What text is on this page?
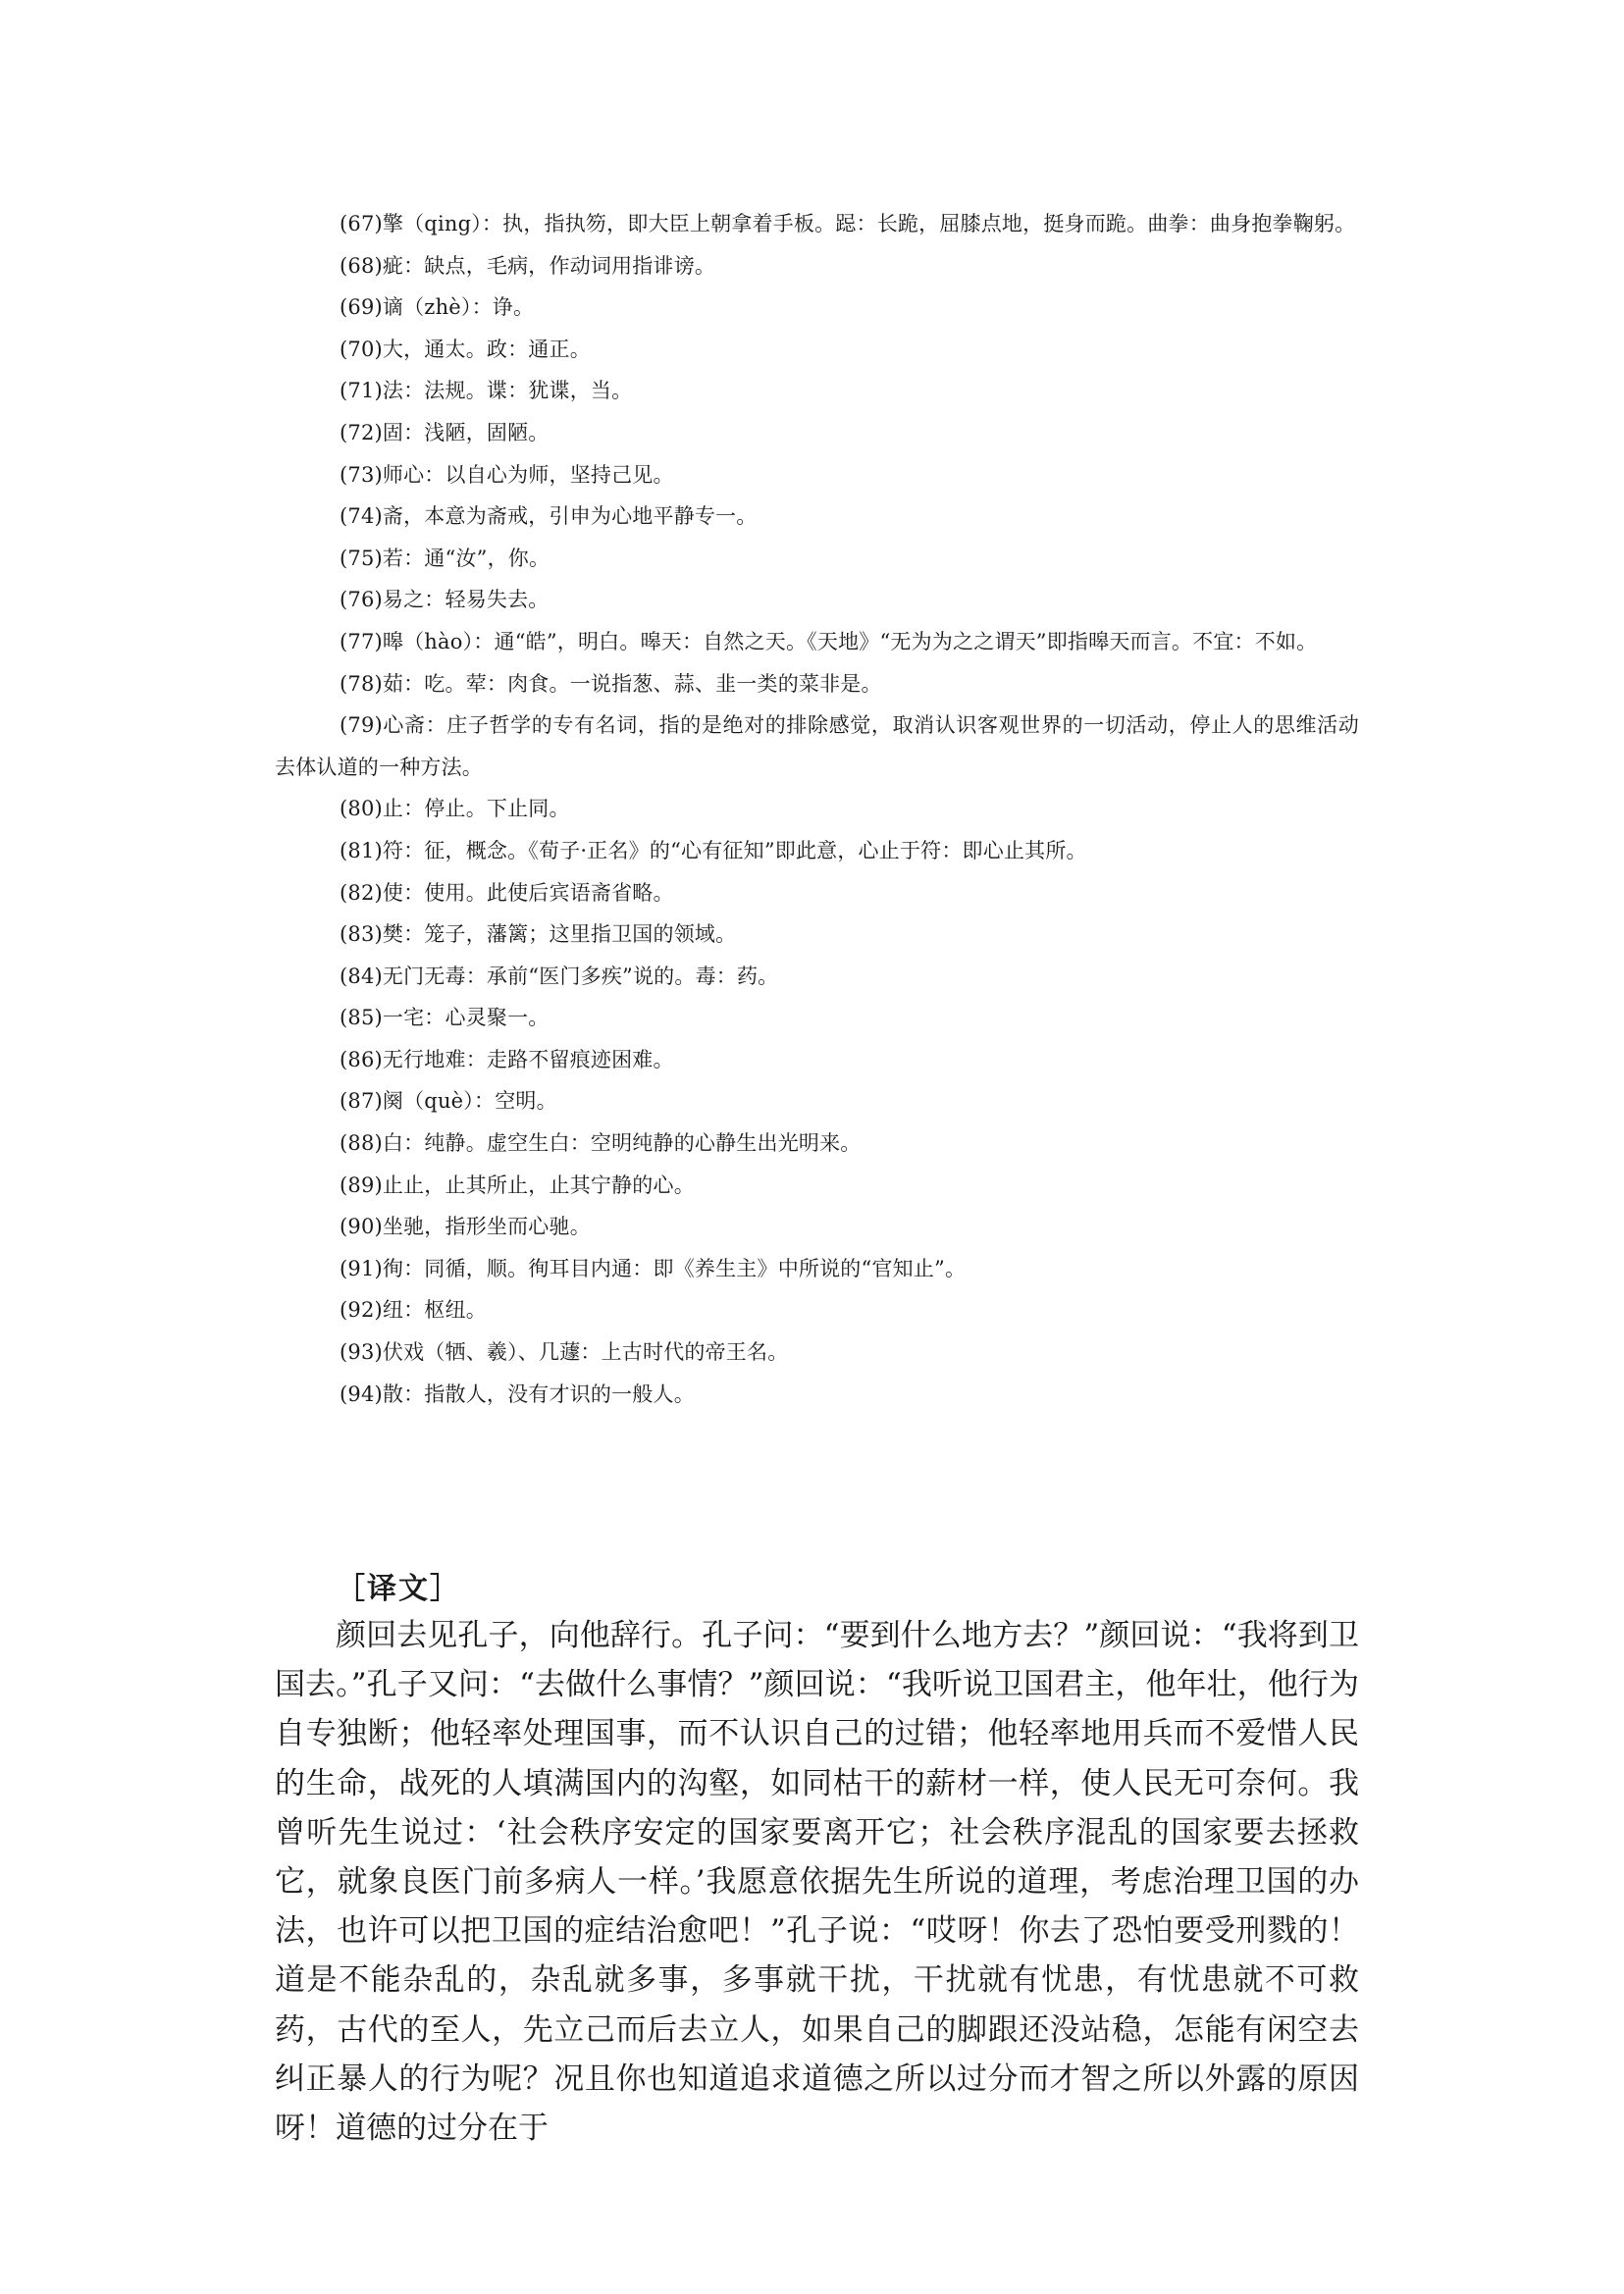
(67)擎（qing）：执，指执笏，即大臣上朝拿着手板。跽：长跪，屈膝点地，挺身而跪。曲拳：曲身抱拳鞠躬。

(68)疵：缺点，毛病，作动词用指诽谤。

(69)谪（zhè）：诤。

(70)大，通太。政：通正。

(71)法：法规。谍：犹谍，当。

(72)固：浅陋，固陋。

(73)师心：以自心为师，坚持己见。

(74)斋，本意为斋戒，引申为心地平静专一。

(75)若：通“汝”，你。

(76)易之：轻易失去。

(77)暤（hào）：通“皓”，明白。暤天：自然之天。《天地》“无为为之之谓天”即指暤天而言。不宜：不如。

(78)茹：吃。荤：肉食。一说指葱、蒜、韭一类的菜非是。

(79)心斋：庄子哲学的专有名词，指的是绝对的排除感觉，取消认识客观世界的一切活动，停止人的思维活动去体认道的一种方法。

(80)止：停止。下止同。

(81)符：征，概念。《荀子·正名》的“心有征知”即此意，心止于符：即心止其所。

(82)使：使用。此使后宾语斋省略。

(83)樊：笼子，藩篱；这里指卫国的领域。

(84)无门无毒：承前“医门多疾”说的。毒：药。

(85)一宅：心灵聚一。

(86)无行地难：走路不留痕迹困难。

(87)阕（què）：空明。

(88)白：纯静。虚空生白：空明纯静的心静生出光明来。

(89)止止，止其所止，止其宁静的心。

(90)坐驰，指形坐而心驰。

(91)徇：同循，顺。徇耳目内通：即《养生主》中所说的“官知止”。

(92)纽：枢纽。

(93)伏戏（牺、羲）、几蘧：上古时代的帝王名。

(94)散：指散人，没有才识的一般人。

［译文］

颜回去见孔子，向他辞行。孔子问：“要到什么地方去？”颜回说：“我将到卫国去。”孔子又问：“去做什么事情？”颜回说：“我听说卫国君主，他年壮，他行为自专独断；他轻率处理国事，而不认识自己的过错；他轻率地用兵而不爱惜人民的生命，战死的人填满国内的沟壑，如同枯干的薪材一样，使人民无可奈何。我曾听先生说过：‘社会秩序安定的国家要离开它；社会秩序混乱的国家要去拯救它，就象良医门前多病人一样。’我愿意依据先生所说的道理，考虑治理卫国的办法，也许可以把卫国的症结治愈吧！”孔子说：“哎呀！你去了恐怕要受刑戮的！道是不能杂乱的，杂乱就多事，多事就干扰，干扰就有忧患，有忧患就不可救药，古代的至人，先立己而后去立人，如果自己的脚跟还没站稳，怎能有闲空去纠正暴人的行为呢？况且你也知道追求道德之所以过分而才智之所以外露的原因呀！道德的过分在于
